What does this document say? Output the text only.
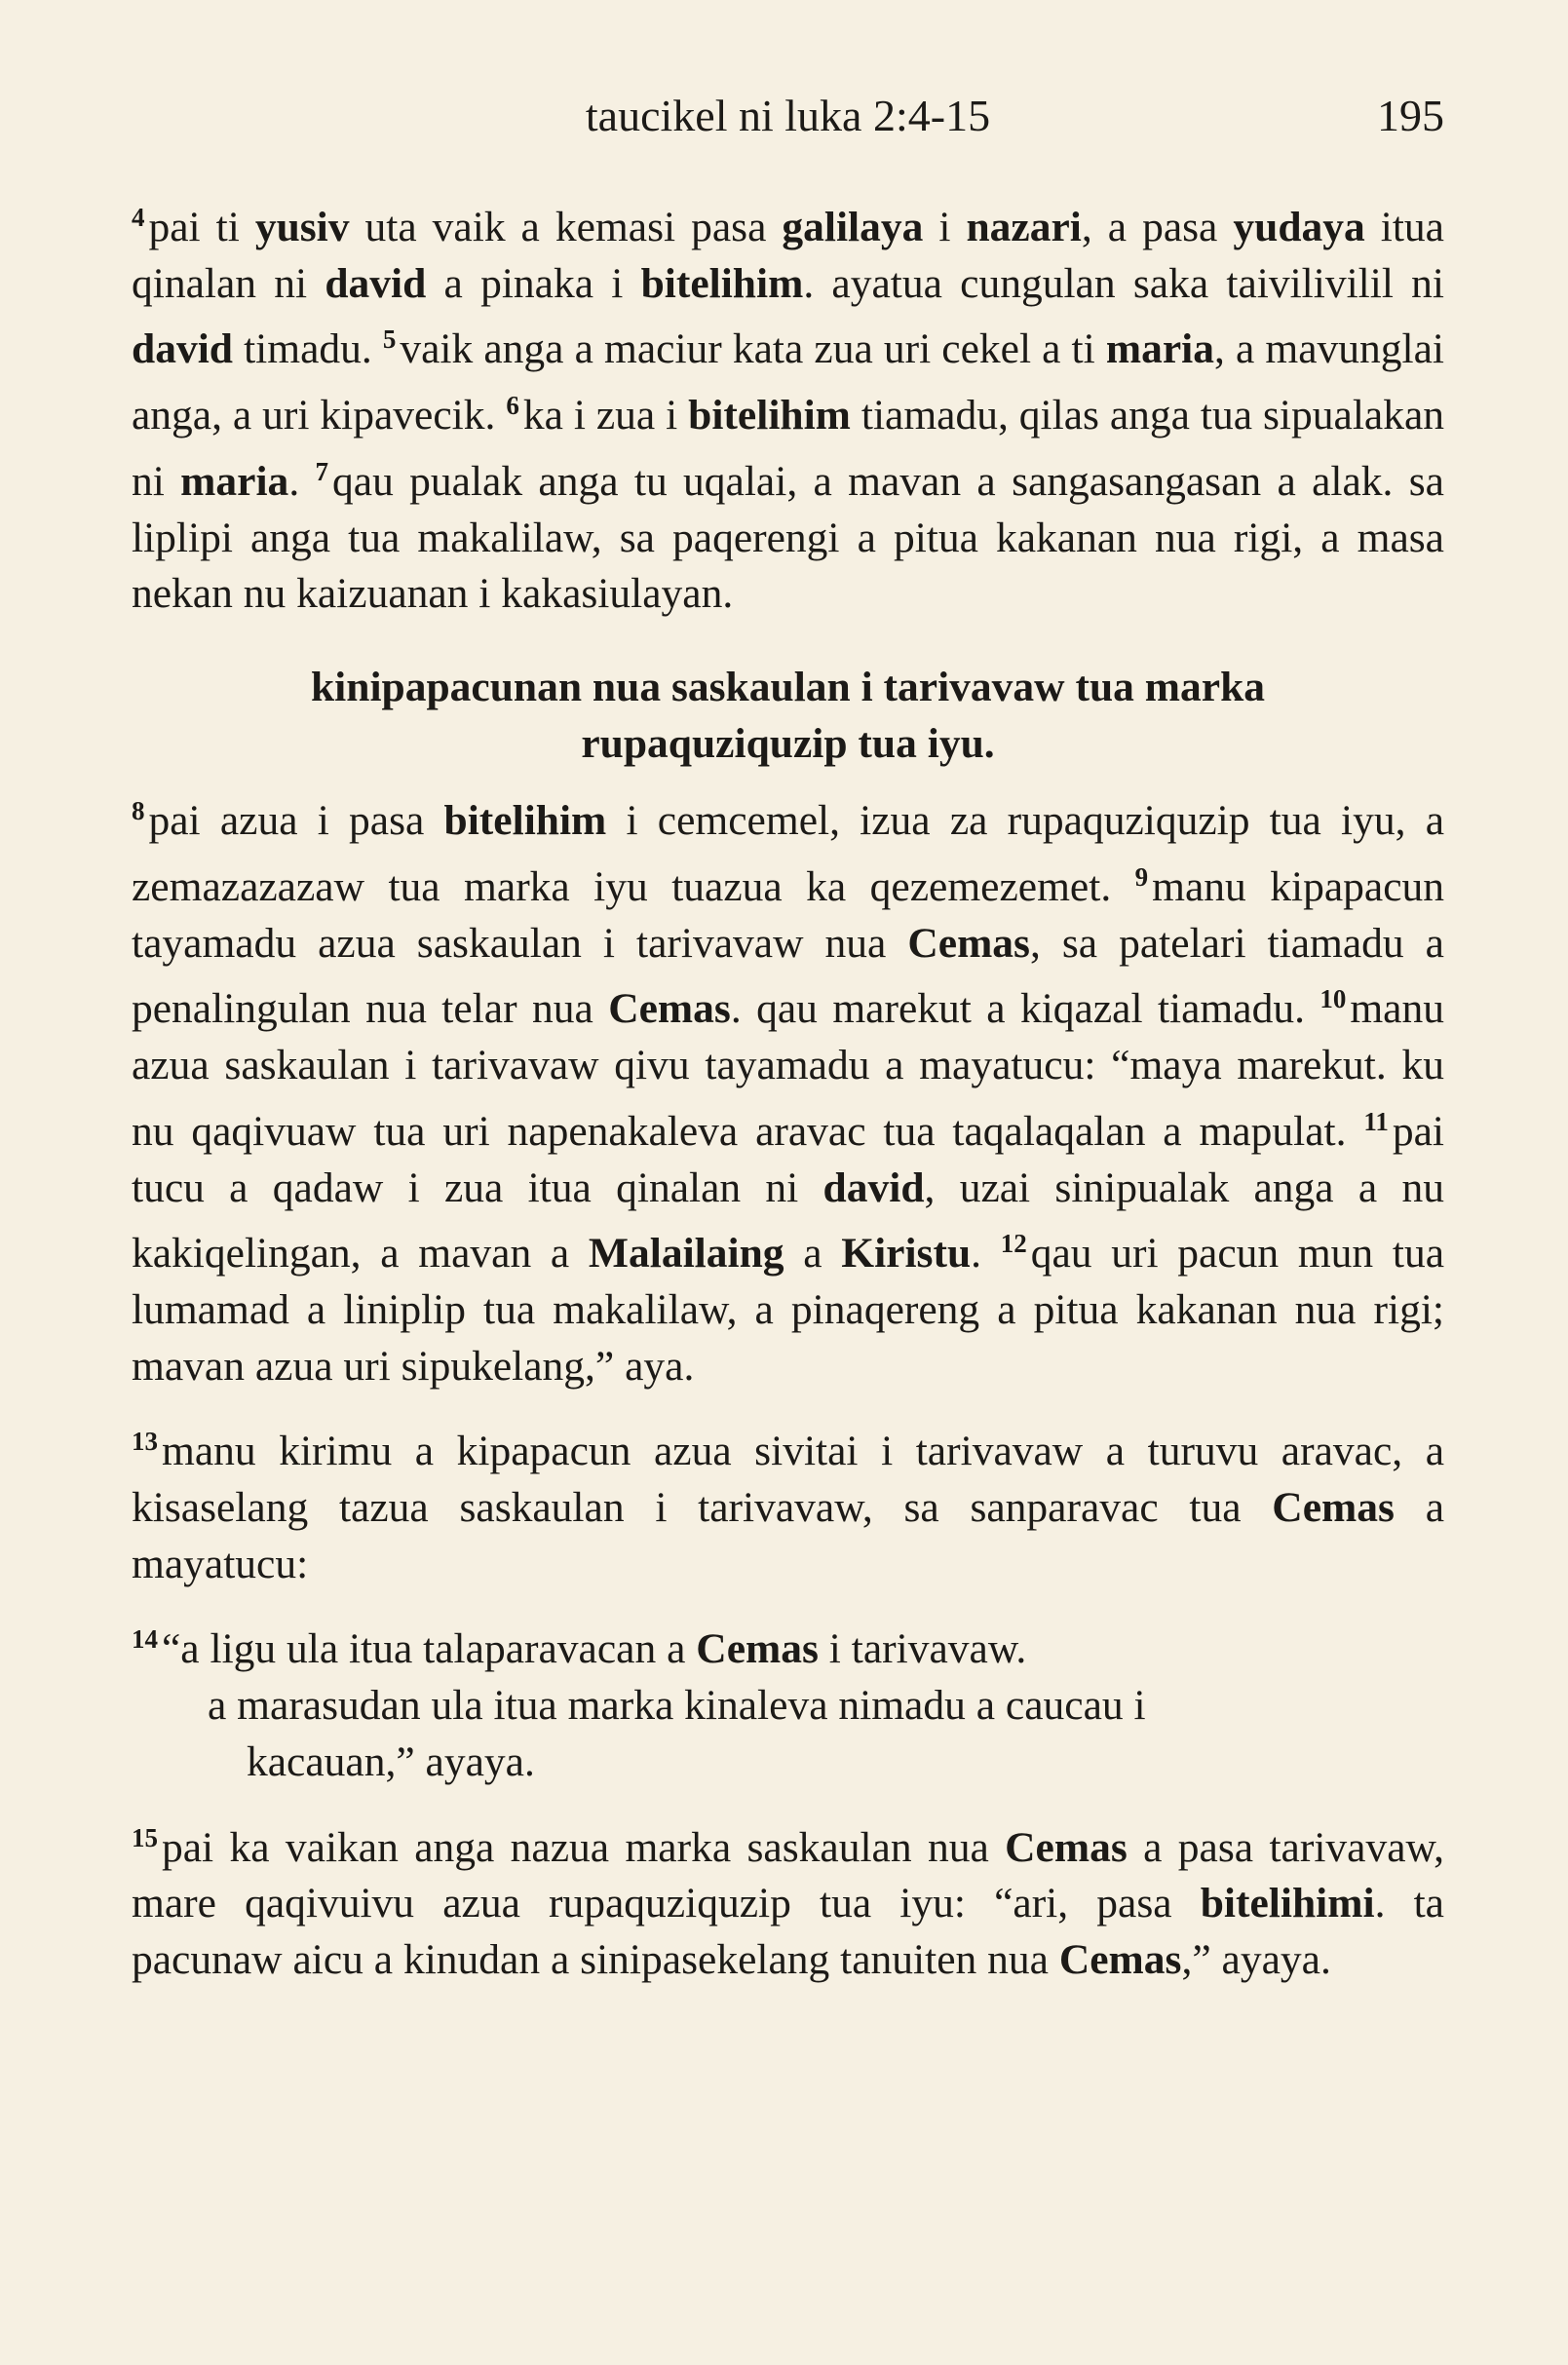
taucikel ni luka 2:4-15	195

$^4$pai ti yusiv uta vaik a kemasi pasa galilaya i nazari, a pasa yudaya itua qinalan ni david a pinaka i bitelihim. ayatua cungulan saka taivilivilil ni david timadu. $^5$vaik anga a maciur kata zua uri cekel a ti maria, a mavunglai anga, a uri kipavecik. $^6$ka i zua i bitelihim tiamadu, qilas anga tua sipualakan ni maria. $^7$qau pualak anga tu uqalai, a mavan a sangasangasan a alak. sa liplipi anga tua makalilaw, sa paqerengi a pitua kakanan nua rigi, a masa nekan nu kaizuanan i kakasiulayan.

kinipapacunan nua saskaulan i tarivavaw tua marka
rupaquziquzip tua iyu.

$^8$pai azua i pasa bitelihim i cemcemel, izua za rupaquziquzip tua iyu, a zemazazazaw tua marka iyu tuazua ka qezemezemet. $^9$manu kipapacun tayamadu azua saskaulan i tarivavaw nua Cemas, sa patelari tiamadu a penalingulan nua telar nua Cemas. qau marekut a kiqazal tiamadu. $^{10}$manu azua saskaulan i tarivavaw qivu tayamadu a mayatucu: “maya marekut. ku nu qaqivuaw tua uri napenakaleva aravac tua taqalaqalan a mapulat. $^{11}$pai tucu a qadaw i zua itua qinalan ni david, uzai sinipualak anga a nu kakiqelingan, a mavan a Malailaing a Kiristu. $^{12}$qau uri pacun mun tua lumamad a liniplip tua makalilaw, a pinaqereng a pitua kakanan nua rigi; mavan azua uri sipukelang,” aya.

$^{13}$manu kirimu a kipapacun azua sivitai i tarivavaw a turuvu aravac, a kisaselang tazua saskaulan i tarivavaw, sa sanparavac tua Cemas a mayatucu:

$^{14}$“a ligu ula itua talaparavacan a Cemas i tarivavaw.
a marasudan ula itua marka kinaleva nimadu a caucau i
kacauan,” ayaya.

$^{15}$pai ka vaikan anga nazua marka saskaulan nua Cemas a pasa tarivavaw, mare qaqivuivu azua rupaquziquzip tua iyu: “ari, pasa bitelihimi. ta pacunaw aicu a kinudan a sinipasekelang tanuiten nua Cemas,” ayaya.
